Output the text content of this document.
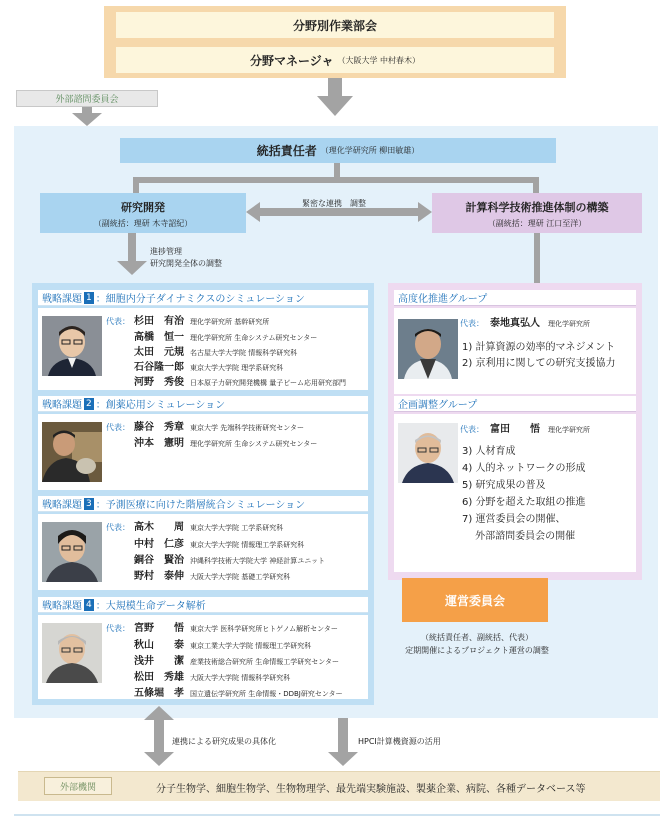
分野別作業部会
分野マネージャ （大阪大学 中村春木）
外部諮問委員会
統括責任者 （理化学研究所 柳田敏雄）
研究開発
（副統括：理研 木寺詔紀）
計算科学技術推進体制の構築
（副統括：理研 江口至洋）
緊密な連携　調整
進捗管理
研究開発全体の調整
戦略課題 1 ：細胞内分子ダイナミクスのシミュレーション
代表： 杉田　有治 理化学研究所 基幹研究所
高橋　恒一 理化学研究所 生命システム研究センター
太田　元規 名古屋大学大学院 情報科学研究科
石谷隆一郎 東京大学大学院 理学系研究科
河野　秀俊 日本原子力研究開発機構 量子ビーム応用研究部門
戦略課題 2 ：創薬応用シミュレーション
代表： 藤谷　秀章 東京大学 先端科学技術研究センター
沖本　憲明 理化学研究所 生命システム研究センター
戦略課題 3 ：予測医療に向けた階層統合シミュレーション
代表： 高木　　周 東京大学大学院 工学系研究科
中村　仁彦 東京大学大学院 情報理工学系研究科
銅谷　賢治 沖縄科学技術大学院大学 神経計算ユニット
野村　泰伸 大阪大学大学院 基礎工学研究科
戦略課題 4 ：大規模生命データ解析
代表： 宮野　　悟 東京大学 医科学研究所ヒトゲノム解析センター
秋山　　泰 東京工業大学大学院 情報理工学研究科
浅井　　潔 産業技術総合研究所 生命情報工学研究センター
松田　秀雄 大阪大学大学院 情報科学研究科
五條堀　孝 国立遺伝学研究所 生命情報・DDBJ研究センター
高度化推進グループ
代表： 泰地真弘人 理化学研究所
1) 計算資源の効率的マネジメント
2) 京利用に関しての研究支援協力
企画調整グループ
代表： 富田　　悟 理化学研究所
3) 人材育成
4) 人的ネットワークの形成
5) 研究成果の普及
6) 分野を超えた取組の推進
7) 運営委員会の開催、
　 外部諮問委員会の開催
運営委員会
（統括責任者、副統括、代表）
定期開催によるプロジェクト運営の調整
連携による研究成果の具体化	HPCI計算機資源の活用
外部機関	分子生物学、細胞生物学、生物物理学、最先端実験施設、製薬企業、病院、各種データベース等
